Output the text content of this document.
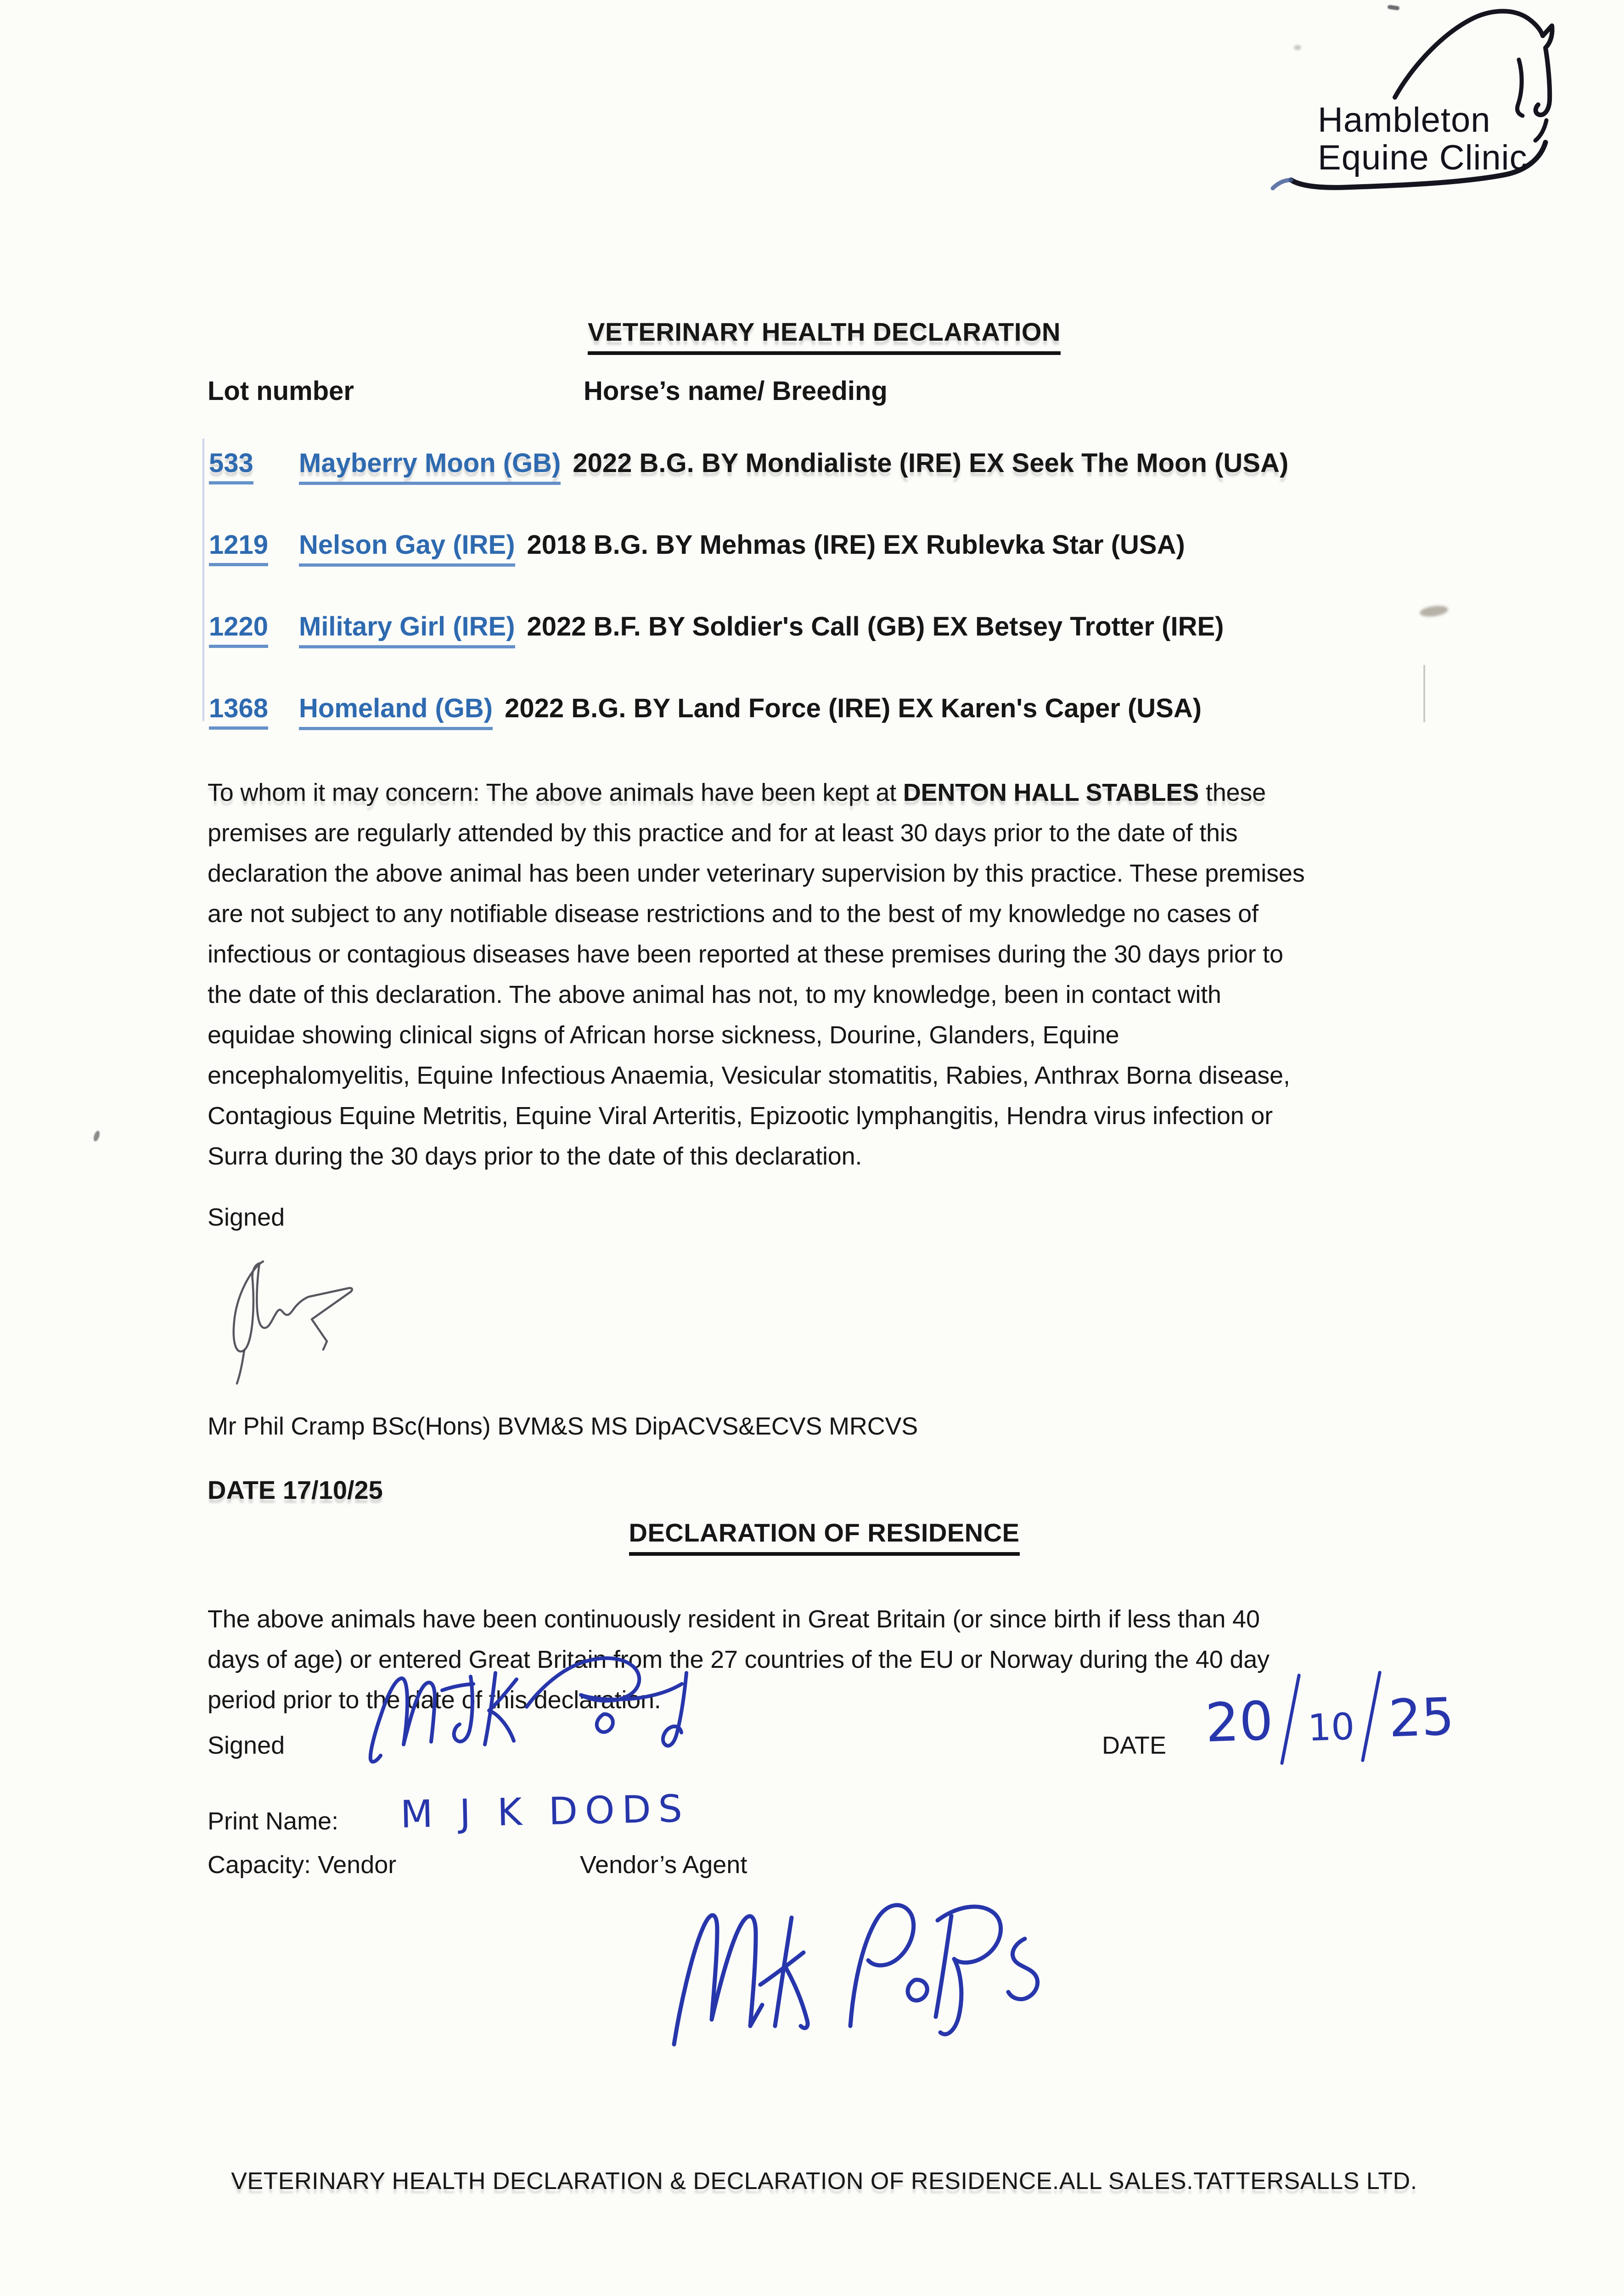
Hambleton
Equine Clinic
VETERINARY HEALTH DECLARATION
Lot number	Horse’s name/ Breeding
533	Mayberry Moon (GB) 2022 B.G. BY Mondialiste (IRE) EX Seek The Moon (USA)
1219	Nelson Gay (IRE) 2018 B.G. BY Mehmas (IRE) EX Rublevka Star (USA)
1220	Military Girl (IRE) 2022 B.F. BY Soldier's Call (GB) EX Betsey Trotter (IRE)
1368	Homeland (GB) 2022 B.G. BY Land Force (IRE) EX Karen's Caper (USA)
To whom it may concern: The above animals have been kept at DENTON HALL STABLES these
premises are regularly attended by this practice and for at least 30 days prior to the date of this
declaration the above animal has been under veterinary supervision by this practice. These premises
are not subject to any notifiable disease restrictions and to the best of my knowledge no cases of
infectious or contagious diseases have been reported at these premises during the 30 days prior to
the date of this declaration. The above animal has not, to my knowledge, been in contact with
equidae showing clinical signs of African horse sickness, Dourine, Glanders, Equine
encephalomyelitis, Equine Infectious Anaemia, Vesicular stomatitis, Rabies, Anthrax Borna disease,
Contagious Equine Metritis, Equine Viral Arteritis, Epizootic lymphangitis, Hendra virus infection or
Surra during the 30 days prior to the date of this declaration.
Signed
Mr Phil Cramp BSc(Hons) BVM&S MS DipACVS&ECVS MRCVS
DATE 17/10/25
DECLARATION OF RESIDENCE
The above animals have been continuously resident in Great Britain (or since birth if less than 40
days of age) or entered Great Britain from the 27 countries of the EU or Norway during the 40 day
period prior to the date of this declaration.
Signed	DATE 20 10 25
Print Name: M J K DODS
Capacity: Vendor	Vendor’s Agent
VETERINARY HEALTH DECLARATION & DECLARATION OF RESIDENCE.ALL SALES.TATTERSALLS LTD.
